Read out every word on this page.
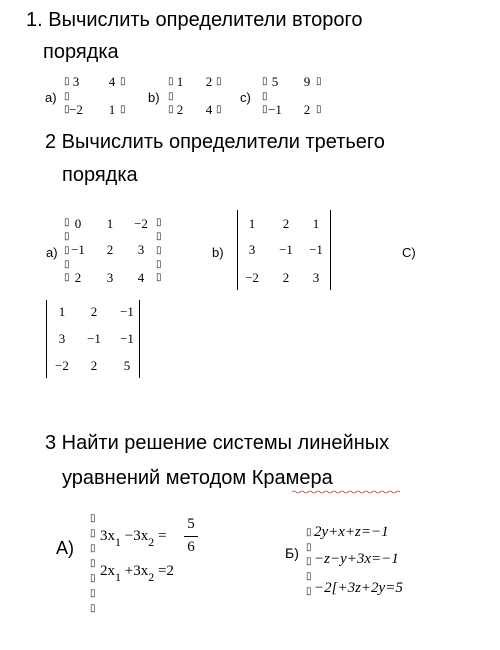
1. Вычислить определители второго
порядка
a)
▯
▯
▯
3	4
−2	1
▯
▯
b)
▯
▯
▯
1	2
2	4
▯
▯
c)
▯
▯
▯
5	9
−1	2
▯
▯
2 Вычислить определители третьего
порядка
a)
▯
▯
▯
▯
▯
0	1	−2
−1	2	3
2	3	4
▯
▯
▯
▯
▯
b)
1	2	1
3	−1	−1
−2	2	3
C)
1	2	−1
3	−1	−1
−2	2	5
3 Найти решение системы линейных
уравнений методом Крамера
А)
▯
▯
▯
▯
▯
▯
▯
$3x_1 -3x_2$ =
5
6
$2x_1 +3x_2 =2$
Б)
▯
▯
▯
▯
▯
2y+x+z=−1
−z−y+3x=−1
−2[+3z+2y=5
